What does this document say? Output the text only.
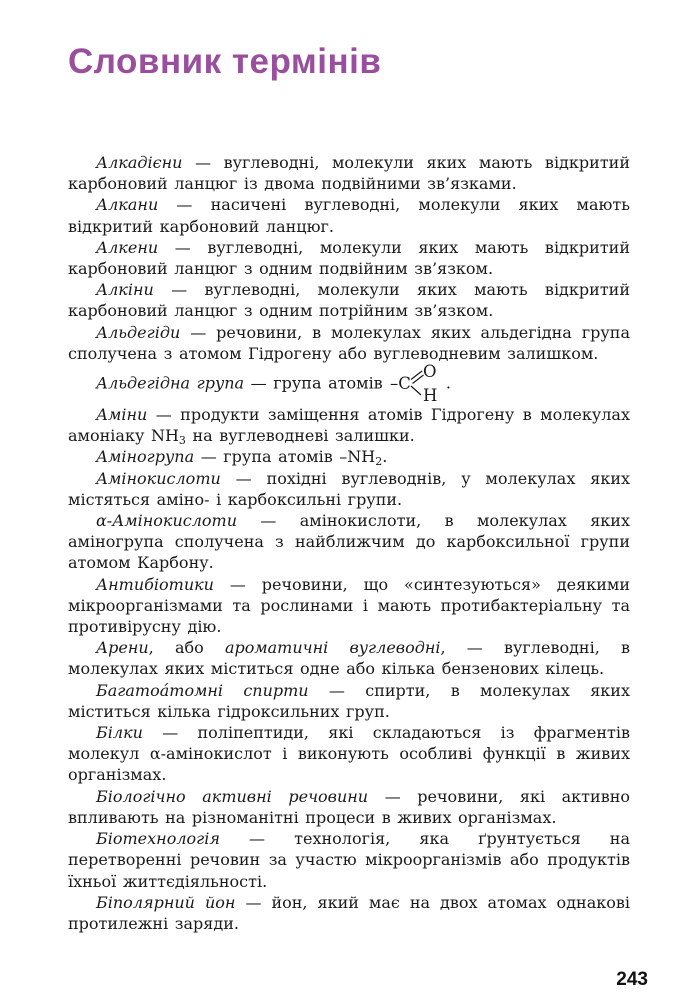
Словник термінів

Алкадієни — вуглеводні, молекули яких мають відкритий карбоновий ланцюг із двома подвійними зв’язками.

Алкани — насичені вуглеводні, молекули яких мають відкритий карбоновий ланцюг.

Алкени — вуглеводні, молекули яких мають відкритий карбоновий ланцюг з одним подвійним зв’язком.

Алкіни — вуглеводні, молекули яких мають відкритий карбоновий ланцюг з одним потрійним зв’язком.

Альдегіди — речовини, в молекулах яких альдегідна група сполучена з атомом Гідрогену або вуглеводневим залишком.

Альдегідна група — група атомів –C
O
H
.

Аміни — продукти заміщення атомів Гідрогену в молекулах амоніаку $NH_3$ на вуглеводневі залишки.

Аміногрупа — група атомів $-NH_2$.

Амінокислоти — похідні вуглеводнів, у молекулах яких містяться аміно- і карбоксильні групи.

α-Амінокислоти — амінокислоти, в молекулах яких аміногрупа сполучена з найближчим до карбоксильної групи атомом Карбону.

Антибіотики — речовини, що «синтезуються» деякими мікроорганізмами та рослинами і мають протибактеріальну та противірусну дію.

Арени, або ароматичні вуглеводні, — вуглеводні, в молекулах яких міститься одне або кілька бензенових кілець.

Багатоа́томні спирти — спирти, в молекулах яких міститься кілька гідроксильних груп.

Білки — поліпептиди, які складаються із фрагментів молекул α-амінокислот і виконують особливі функції в живих організмах.

Біологічно активні речовини — речовини, які активно впливають на різноманітні процеси в живих організмах.

Біотехнологія — технологія, яка ґрунтується на перетворенні речовин за участю мікроорганізмів або продуктів їхньої життєдіяльності.

Біполярний йон — йон, який має на двох атомах однакові протилежні заряди.

243
